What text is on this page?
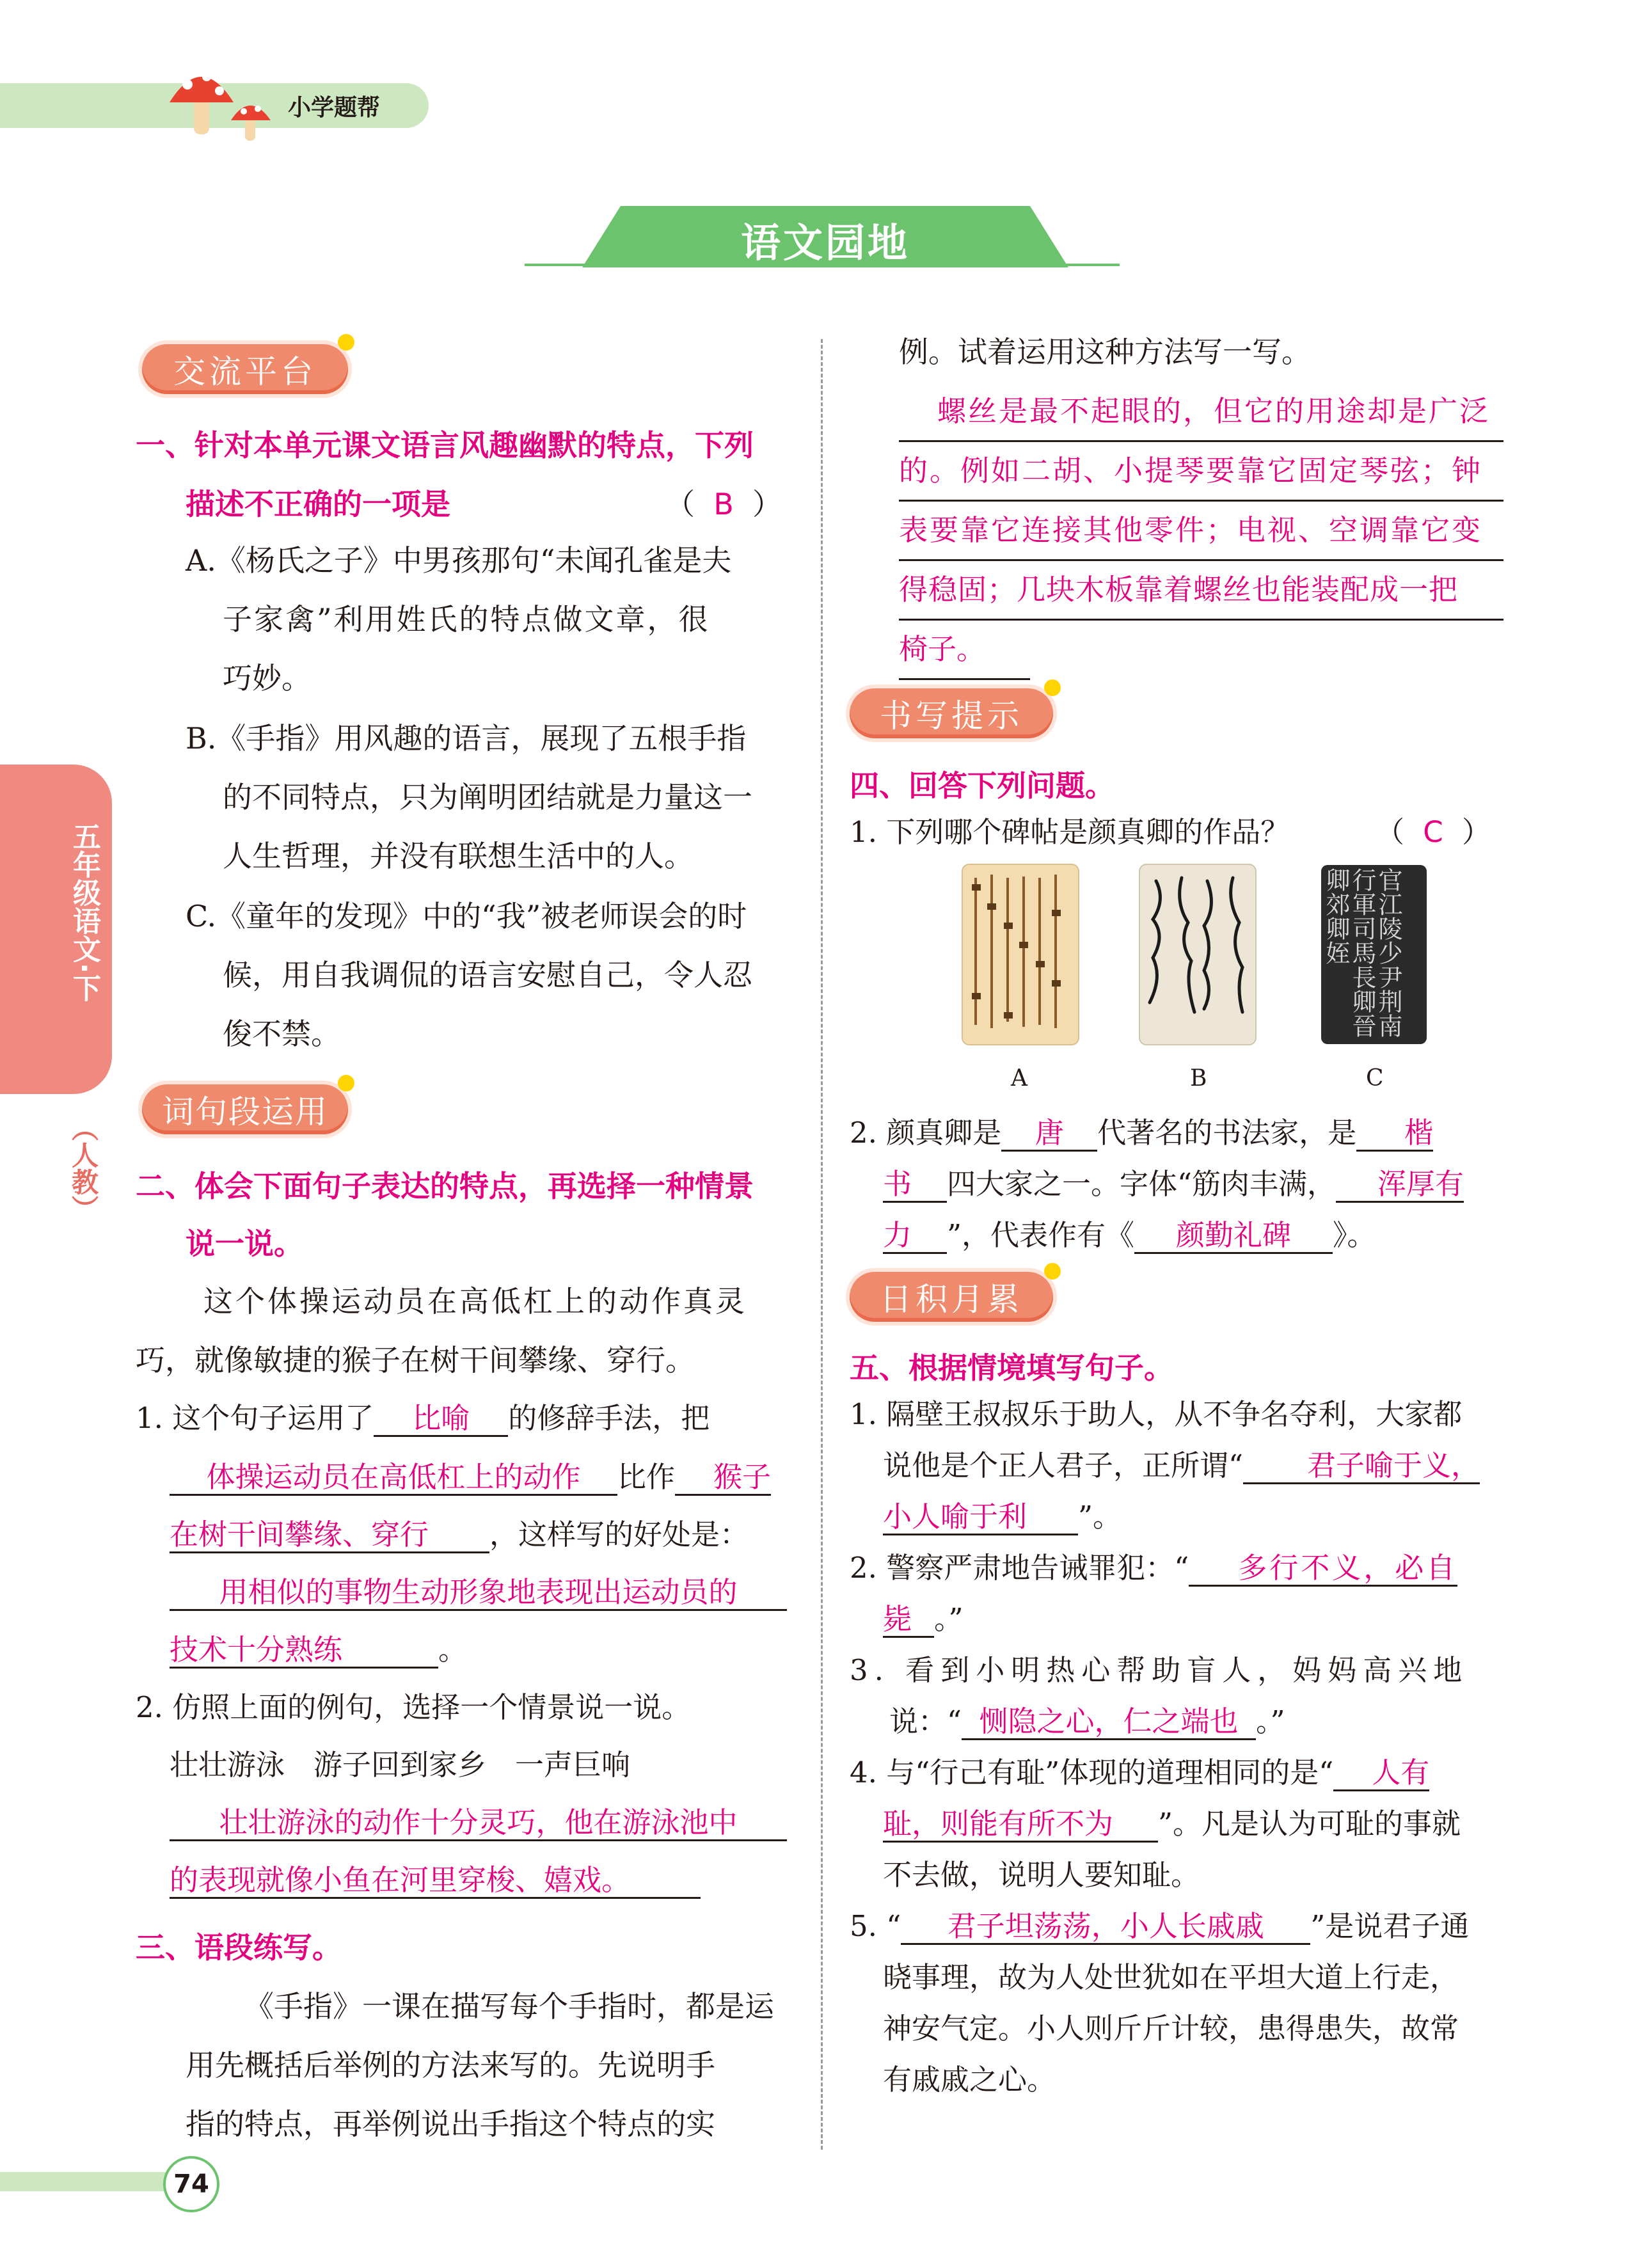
小学题帮
语文园地
五年级语文·下
（人教）
74
交流平台
一、针对本单元课文语言风趣幽默的特点，下列
描述不正确的一项是	（ B ）
A.《杨氏之子》中男孩那句“未闻孔雀是夫
子家禽”利用姓氏的特点做文章，很
巧妙。
B.《手指》用风趣的语言，展现了五根手指
的不同特点，只为阐明团结就是力量这一
人生哲理，并没有联想生活中的人。
C.《童年的发现》中的“我”被老师误会的时
候，用自我调侃的语言安慰自己，令人忍
俊不禁。
词句段运用
二、体会下面句子表达的特点，再选择一种情景
说一说。
这个体操运动员在高低杠上的动作真灵
巧，就像敏捷的猴子在树干间攀缘、穿行。
1. 这个句子运用了 比喻 的修辞手法，把
体操运动员在高低杠上的动作 比作 猴子
在树干间攀缘、穿行 ，这样写的好处是：
用相似的事物生动形象地表现出运动员的
技术十分熟练	。
2. 仿照上面的例句，选择一个情景说一说。
壮壮游泳　游子回到家乡　一声巨响
壮壮游泳的动作十分灵巧，他在游泳池中
的表现就像小鱼在河里穿梭、嬉戏。
三、语段练写。
《手指》一课在描写每个手指时，都是运
用先概括后举例的方法来写的。先说明手
指的特点，再举例说出手指这个特点的实
例。试着运用这种方法写一写。
螺丝是最不起眼的，但它的用途却是广泛
的。例如二胡、小提琴要靠它固定琴弦；钟
表要靠它连接其他零件；电视、空调靠它变
得稳固；几块木板靠着螺丝也能装配成一把
椅子。
书写提示
四、回答下列问题。
1. 下列哪个碑帖是颜真卿的作品？	（ C ）
官江陵少尹荆南行軍司馬長卿晉卿郊卿姪
A	B	C
2. 颜真卿是 唐 代著名的书法家，是 楷
书 四大家之一。字体“筋肉丰满， 浑厚有
力 ”，代表作有《 颜勤礼碑 》。
日积月累
五、根据情境填写句子。
1. 隔壁王叔叔乐于助人，从不争名夺利，大家都
说他是个正人君子，正所谓“ 君子喻于义，
小人喻于利 ”。
2. 警察严肃地告诫罪犯：“ 多行不义，必自
毙 。”
3. 看到小明热心帮助盲人，妈妈高兴地
说：“ 恻隐之心，仁之端也 。”
4. 与“行己有耻”体现的道理相同的是“ 人有
耻，则能有所不为 ”。凡是认为可耻的事就
不去做，说明人要知耻。
5. “ 君子坦荡荡，小人长戚戚 ”是说君子通
晓事理，故为人处世犹如在平坦大道上行走，
神安气定。小人则斤斤计较，患得患失，故常
有戚戚之心。
